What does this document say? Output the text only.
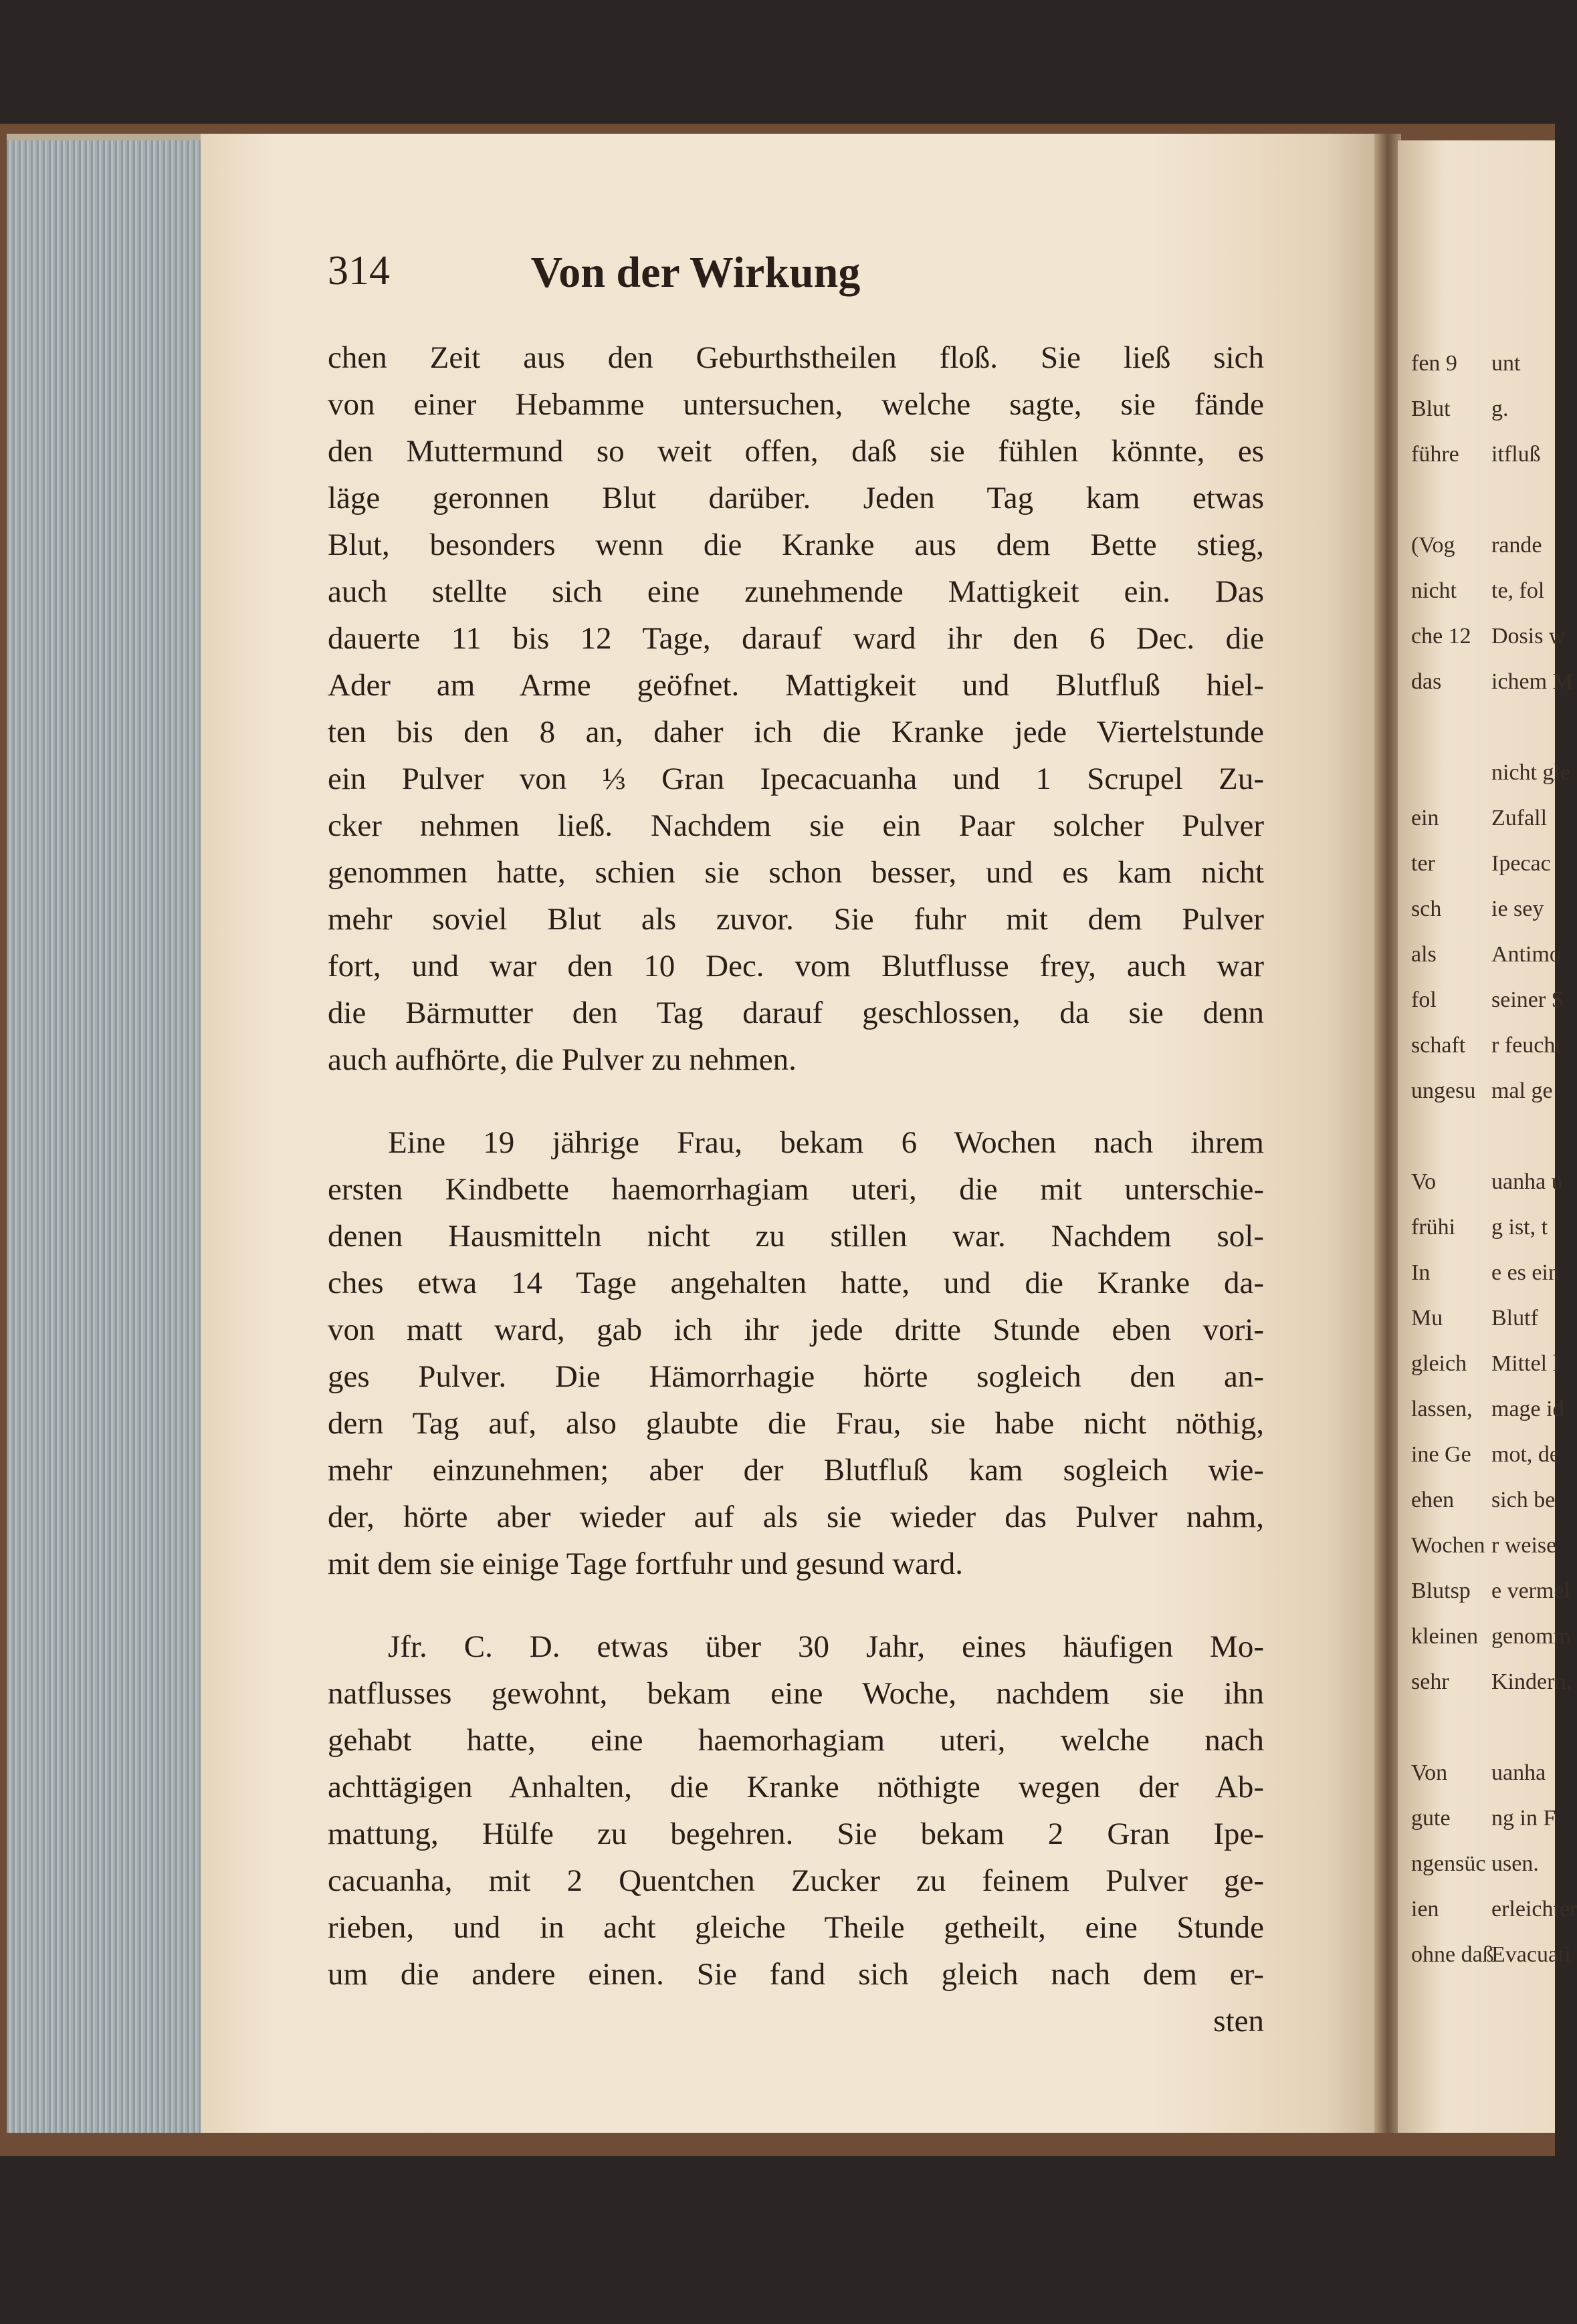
fen 9
Blut
führe
(Vog
nicht
che 12
das
ein
ter
sch
als
fol
schaft
ungesu
Vo
frühi
In
Mu
gleich
lassen,
ine Ge
ehen
Wochen
Blutsp
kleinen
sehr
Von
gute
ngensüc
ien
ohne daß
unt
g.
itfluß
rande
te, fol
Dosis w
ichem M
nicht gle
Zufall
Ipecac
ie sey
Antimo
seiner S
r feucht
mal ge
uanha u
g ist, t
e es ein
Blutf
Mittel l
mage id
mot, de
sich be
r weise
e vermel
genomm
Kindern.
uanha
ng in F
usen.
erleichter
Evacuati
314	Von der Wirkung
chen Zeit aus den Geburthstheilen floß. Sie ließ sich
von einer Hebamme untersuchen, welche sagte, sie fände
den Muttermund so weit offen, daß sie fühlen könnte, es
läge geronnen Blut darüber. Jeden Tag kam etwas
Blut, besonders wenn die Kranke aus dem Bette stieg,
auch stellte sich eine zunehmende Mattigkeit ein. Das
dauerte 11 bis 12 Tage, darauf ward ihr den 6 Dec. die
Ader am Arme geöfnet. Mattigkeit und Blutfluß hiel-
ten bis den 8 an, daher ich die Kranke jede Viertelstunde
ein Pulver von ⅓ Gran Ipecacuanha und 1 Scrupel Zu-
cker nehmen ließ. Nachdem sie ein Paar solcher Pulver
genommen hatte, schien sie schon besser, und es kam nicht
mehr soviel Blut als zuvor. Sie fuhr mit dem Pulver
fort, und war den 10 Dec. vom Blutflusse frey, auch war
die Bärmutter den Tag darauf geschlossen, da sie denn
auch aufhörte, die Pulver zu nehmen.
Eine 19 jährige Frau, bekam 6 Wochen nach ihrem
ersten Kindbette haemorrhagiam uteri, die mit unterschie-
denen Hausmitteln nicht zu stillen war. Nachdem sol-
ches etwa 14 Tage angehalten hatte, und die Kranke da-
von matt ward, gab ich ihr jede dritte Stunde eben vori-
ges Pulver. Die Hämorrhagie hörte sogleich den an-
dern Tag auf, also glaubte die Frau, sie habe nicht nöthig,
mehr einzunehmen; aber der Blutfluß kam sogleich wie-
der, hörte aber wieder auf als sie wieder das Pulver nahm,
mit dem sie einige Tage fortfuhr und gesund ward.
Jfr. C. D. etwas über 30 Jahr, eines häufigen Mo-
natflusses gewohnt, bekam eine Woche, nachdem sie ihn
gehabt hatte, eine haemorhagiam uteri, welche nach
achttägigen Anhalten, die Kranke nöthigte wegen der Ab-
mattung, Hülfe zu begehren. Sie bekam 2 Gran Ipe-
cacuanha, mit 2 Quentchen Zucker zu feinem Pulver ge-
rieben, und in acht gleiche Theile getheilt, eine Stunde
um die andere einen. Sie fand sich gleich nach dem er-
sten
